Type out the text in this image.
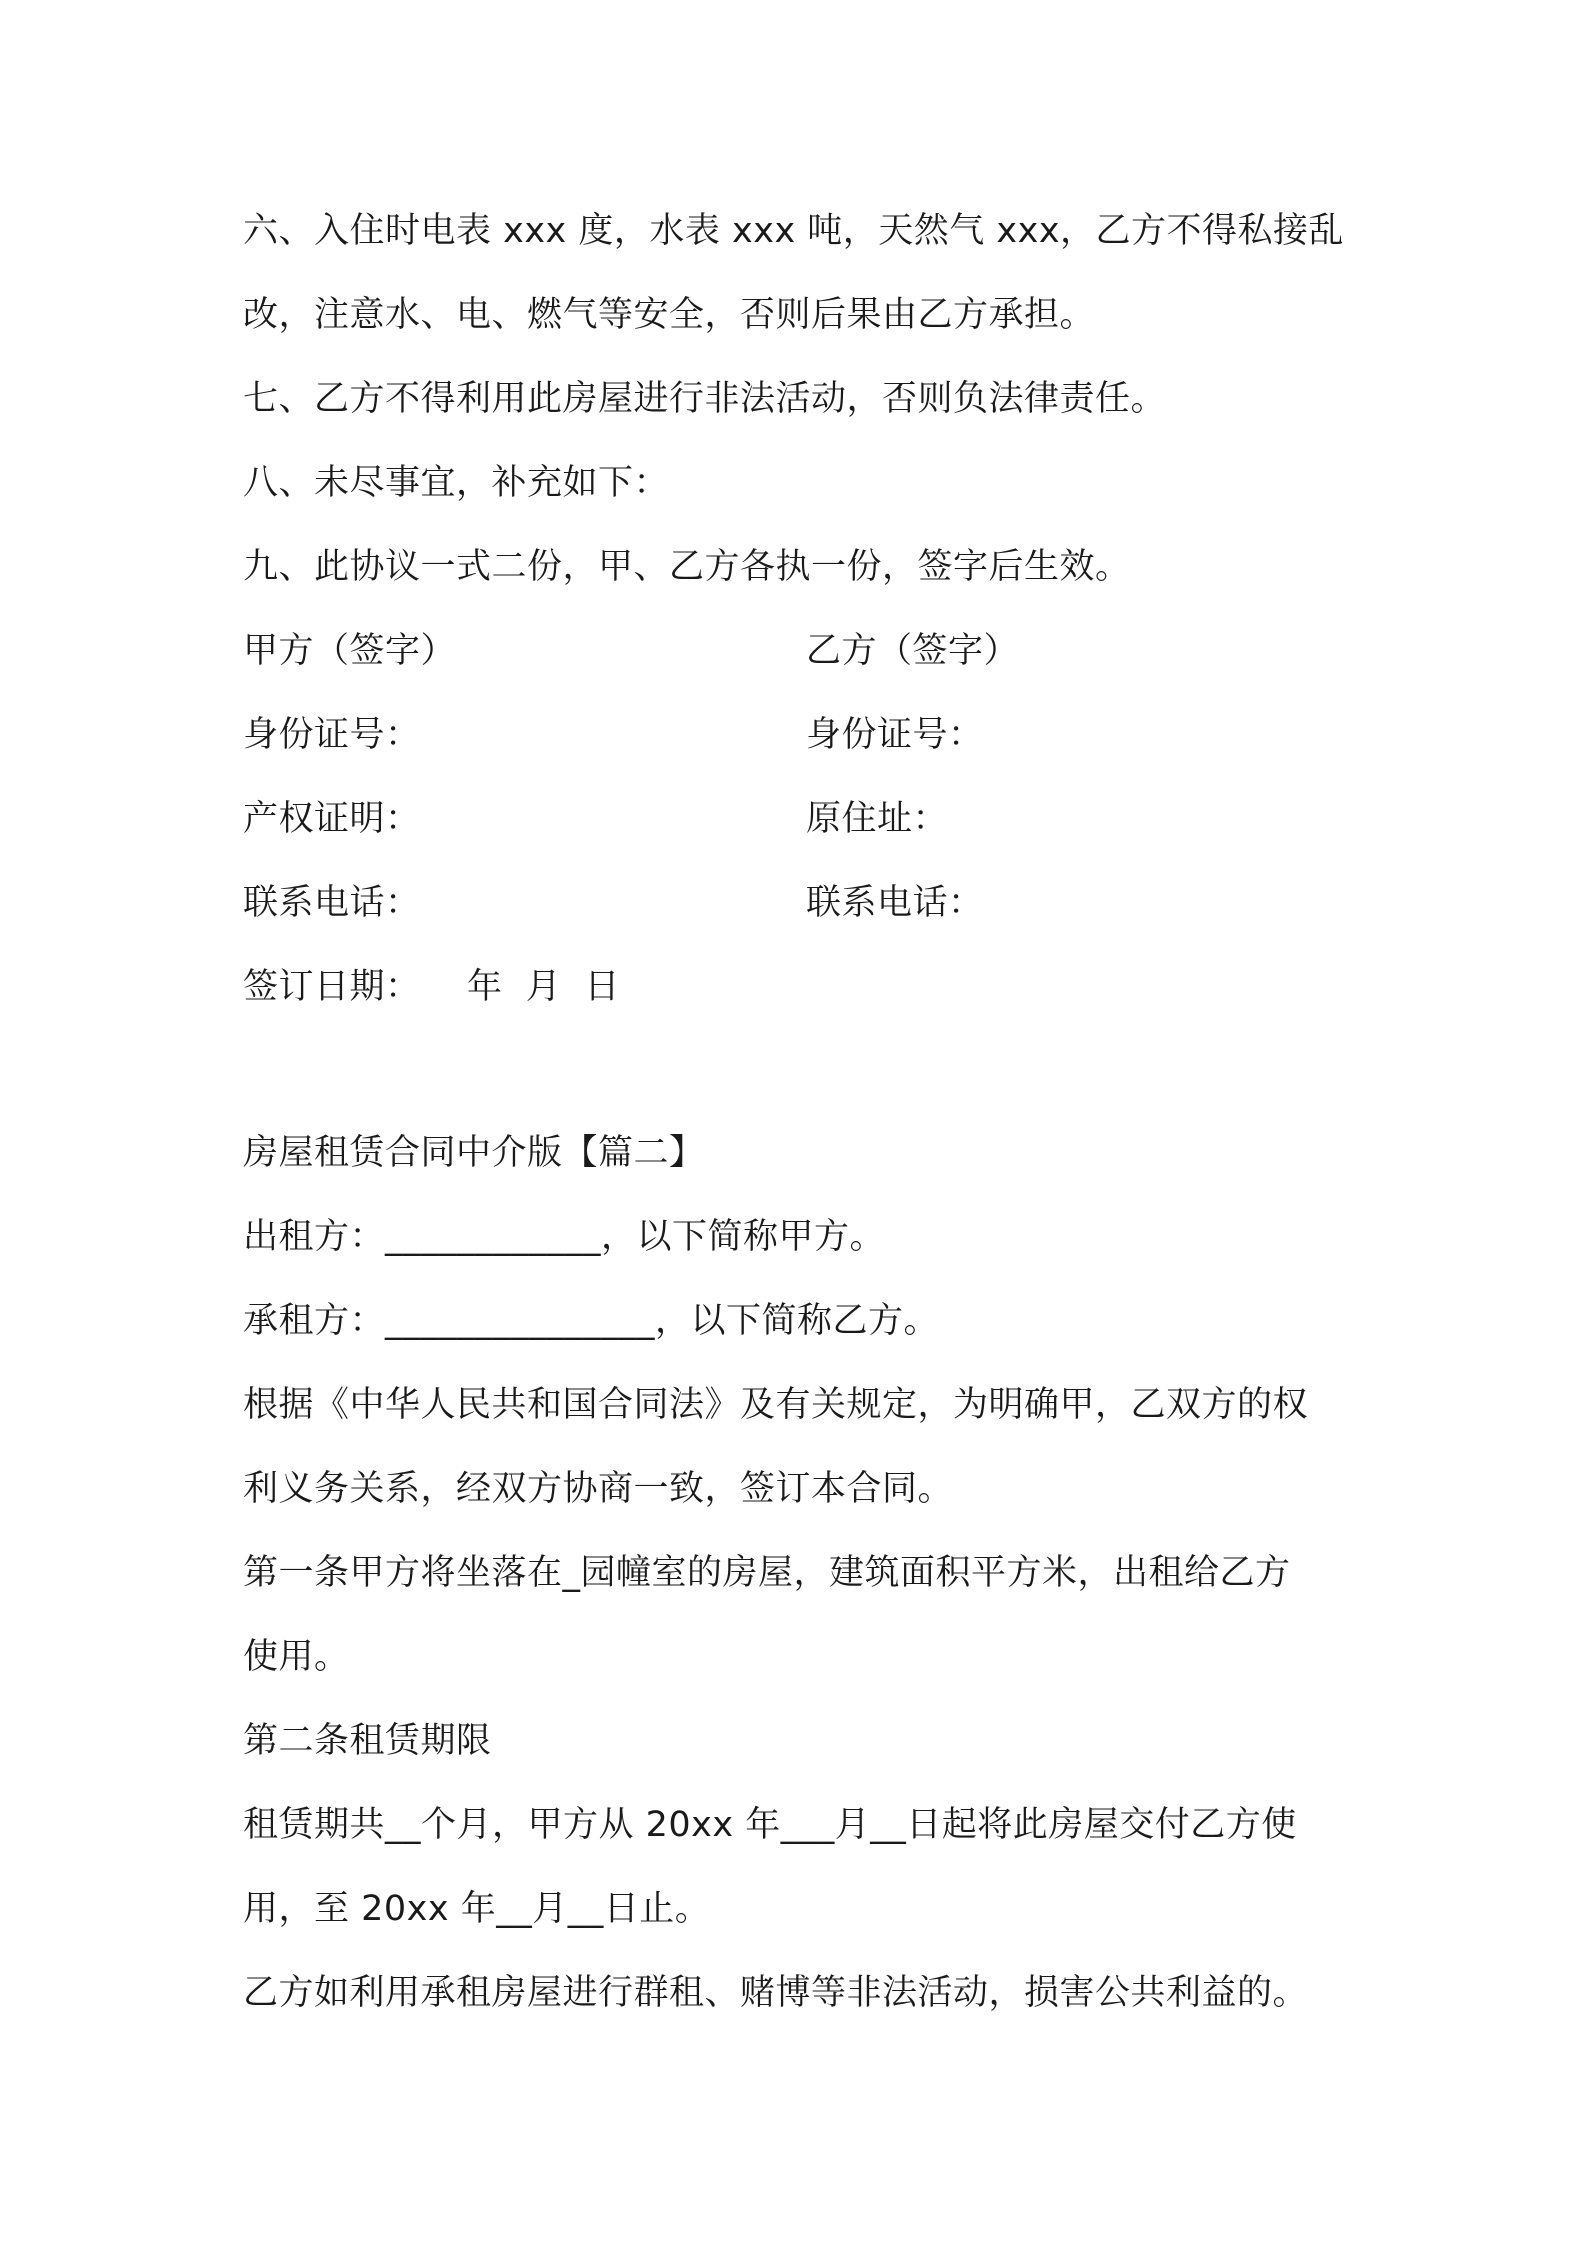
六、入住时电表 xxx 度，水表 xxx 吨，天然气 xxx，乙方不得私接乱
改，注意水、电、燃气等安全，否则后果由乙方承担。
七、乙方不得利用此房屋进行非法活动，否则负法律责任。
八、未尽事宜，补充如下：
九、此协议一式二份，甲、乙方各执一份，签字后生效。
甲方（签字）	乙方（签字）
身份证号：	身份证号：
产权证明：	原住址：
联系电话：	联系电话：
签订日期：    年  月  日
房屋租赁合同中介版【篇二】
出租方：____________，以下简称甲方。
承租方：_______________，以下简称乙方。
根据《中华人民共和国合同法》及有关规定，为明确甲，乙双方的权
利义务关系，经双方协商一致，签订本合同。
第一条甲方将坐落在_园幢室的房屋，建筑面积平方米，出租给乙方
使用。
第二条租赁期限
租赁期共__个月，甲方从 20xx 年___月__日起将此房屋交付乙方使
用，至 20xx 年__月__日止。
乙方如利用承租房屋进行群租、赌博等非法活动，损害公共利益的。
